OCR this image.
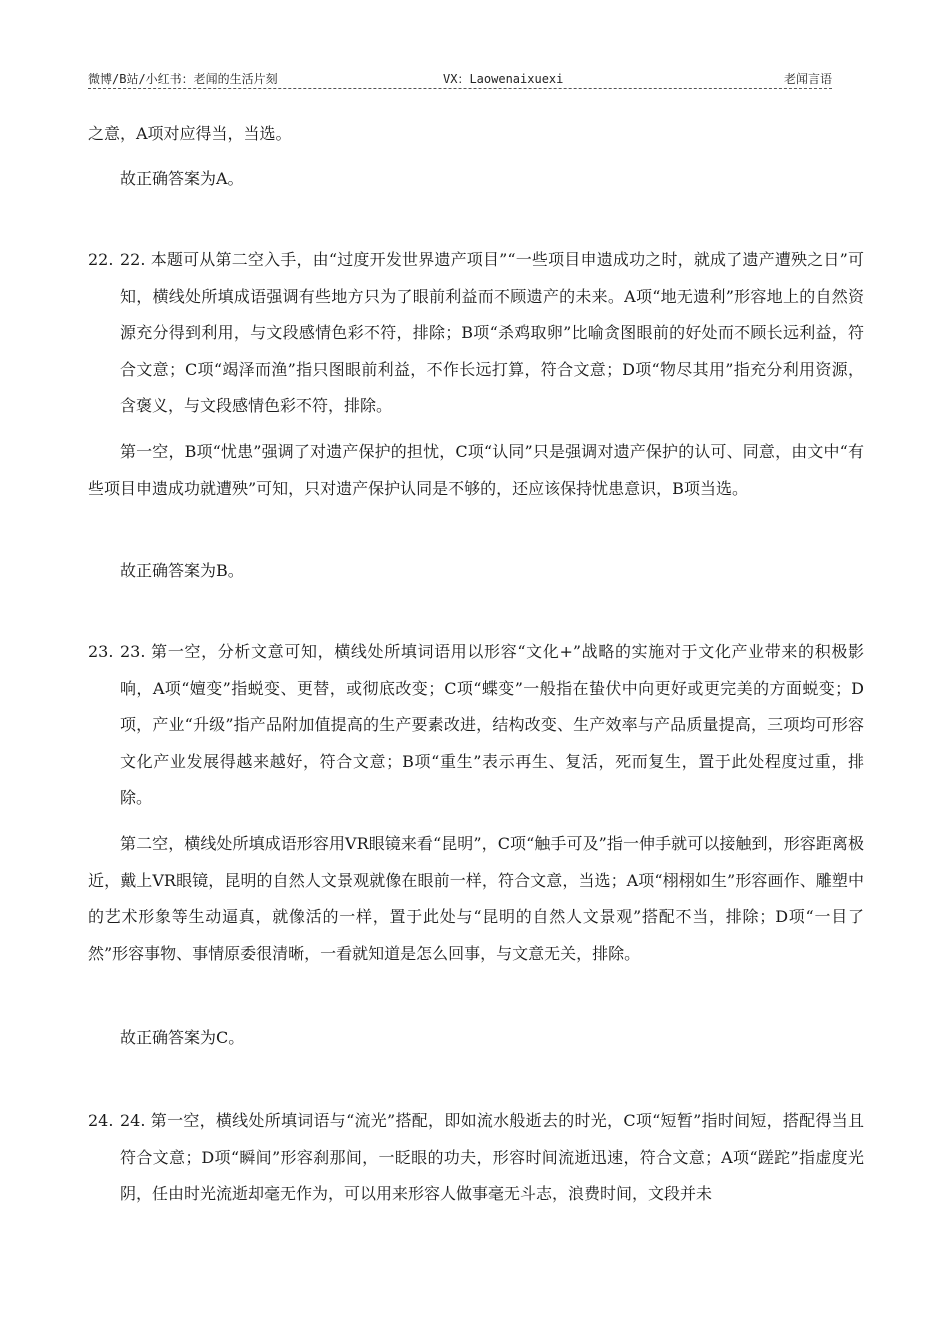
微博/B站/小红书：老闻的生活片刻	VX：Laowenaixuexi	老闻言语

之意，A项对应得当，当选。

故正确答案为A。

22. 22. 本题可从第二空入手，由“过度开发世界遗产项目”“一些项目申遗成功之时，就成了遗产遭殃之日”可知，横线处所填成语强调有些地方只为了眼前利益而不顾遗产的未来。A项“地无遗利”形容地上的自然资源充分得到利用，与文段感情色彩不符，排除；B项“杀鸡取卵”比喻贪图眼前的好处而不顾长远利益，符合文意；C项“竭泽而渔”指只图眼前利益，不作长远打算，符合文意；D项“物尽其用”指充分利用资源，含褒义，与文段感情色彩不符，排除。

第一空，B项“忧患”强调了对遗产保护的担忧，C项“认同”只是强调对遗产保护的认可、同意，由文中“有些项目申遗成功就遭殃”可知，只对遗产保护认同是不够的，还应该保持忧患意识，B项当选。

故正确答案为B。

23. 23. 第一空，分析文意可知，横线处所填词语用以形容“文化+”战略的实施对于文化产业带来的积极影响，A项“嬗变”指蜕变、更替，或彻底改变；C项“蝶变”一般指在蛰伏中向更好或更完美的方面蜕变；D项，产业“升级”指产品附加值提高的生产要素改进，结构改变、生产效率与产品质量提高，三项均可形容文化产业发展得越来越好，符合文意；B项“重生”表示再生、复活，死而复生，置于此处程度过重，排除。

第二空，横线处所填成语形容用VR眼镜来看“昆明”，C项“触手可及”指一伸手就可以接触到，形容距离极近，戴上VR眼镜，昆明的自然人文景观就像在眼前一样，符合文意，当选；A项“栩栩如生”形容画作、雕塑中的艺术形象等生动逼真，就像活的一样，置于此处与“昆明的自然人文景观”搭配不当，排除；D项“一目了然”形容事物、事情原委很清晰，一看就知道是怎么回事，与文意无关，排除。

故正确答案为C。

24. 24. 第一空，横线处所填词语与“流光”搭配，即如流水般逝去的时光，C项“短暂”指时间短，搭配得当且符合文意；D项“瞬间”形容刹那间，一眨眼的功夫，形容时间流逝迅速，符合文意；A项“蹉跎”指虚度光阴，任由时光流逝却毫无作为，可以用来形容人做事毫无斗志，浪费时间，文段并未
